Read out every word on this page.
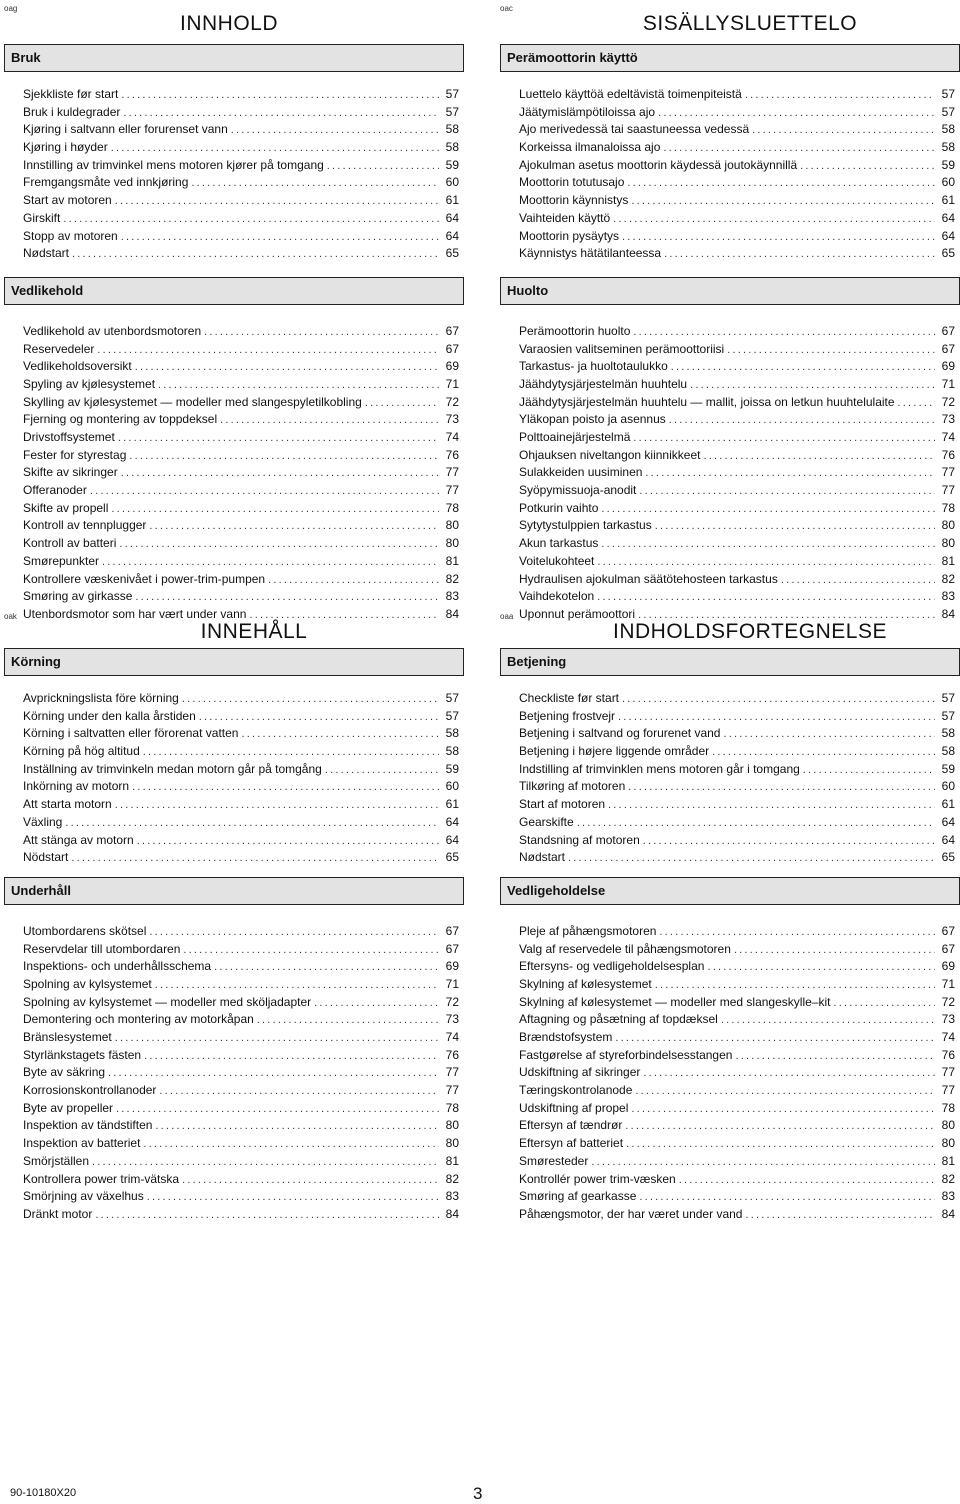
oag
INNHOLD
Bruk
Sjekkliste før start .....	57
Bruk i kuldegrader .....	57
Kjøring i saltvann eller forurenset vann .....	58
Kjøring i høyder .....	58
Innstilling av trimvinkel mens motoren kjører på tomgang .....	59
Fremgangsmåte ved innkjøring .....	60
Start av motoren .....	61
Girskift .....	64
Stopp av motoren .....	64
Nødstart .....	65
Vedlikehold
Vedlikehold av utenbordsmotoren .....	67
Reservedeler .....	67
Vedlikeholdsoversikt .....	69
Spyling av kjølesystemet .....	71
Skylling av kjølesystemet — modeller med slangespyletilkobling .....	72
Fjerning og montering av toppdeksel .....	73
Drivstoffsystemet .....	74
Fester for styrestag .....	76
Skifte av sikringer .....	77
Offeranoder .....	77
Skifte av propell .....	78
Kontroll av tennplugger .....	80
Kontroll av batteri .....	80
Smørepunkter .....	81
Kontrollere væskenivået i power-trim-pumpen .....	82
Smøring av girkasse .....	83
Utenbordsmotor som har vært under vann .....	84
oac
SISÄLLYSLUETTELO
Perämoottorin käyttö
Luettelo käyttöä edeltävistä toimenpiteistä .....	57
Jäätymislämpötiloissa ajo .....	57
Ajo merivedessä tai saastuneessa vedessä .....	58
Korkeissa ilmanaloissa ajo .....	58
Ajokulman asetus moottorin käydessä joutokäynnillä .....	59
Moottorin totutusajo .....	60
Moottorin käynnistys .....	61
Vaihteiden käyttö .....	64
Moottorin pysäytys .....	64
Käynnistys hätätilanteessa .....	65
Huolto
Perämoottorin huolto .....	67
Varaosien valitseminen perämoottoriisi .....	67
Tarkastus- ja huoltotaulukko .....	69
Jäähdytysjärjestelmän huuhtelu .....	71
Jäähdytysjärjestelmän huuhtelu — mallit, joissa on letkun huuhtelulaite .....	72
Yläkopan poisto ja asennus .....	73
Polttoainejärjestelmä .....	74
Ohjauksen niveltangon kiinnikkeet .....	76
Sulakkeiden uusiminen .....	77
Syöpymissuoja-anodit .....	77
Potkurin vaihto .....	78
Sytytystulppien tarkastus .....	80
Akun tarkastus .....	80
Voitelukohteet .....	81
Hydraulisen ajokulman säätötehosteen tarkastus .....	82
Vaihdekotelon .....	83
Uponnut perämoottori .....	84
oak
INNEHÅLL
Körning
Avprickningslista före körning .....	57
Körning under den kalla årstiden .....	57
Körning i saltvatten eller förorenat vatten .....	58
Körning på hög altitud .....	58
Inställning av trimvinkeln medan motorn går på tomgång .....	59
Inkörning av motorn .....	60
Att starta motorn .....	61
Växling .....	64
Att stänga av motorn .....	64
Nödstart .....	65
Underhåll
Utombordarens skötsel .....	67
Reservdelar till utombordaren .....	67
Inspektions- och underhållsschema .....	69
Spolning av kylsystemet .....	71
Spolning av kylsystemet — modeller med sköljadapter .....	72
Demontering och montering av motorkåpan .....	73
Bränslesystemet .....	74
Styrlänkstagets fästen .....	76
Byte av säkring .....	77
Korrosionskontrollanoder .....	77
Byte av propeller .....	78
Inspektion av tändstiften .....	80
Inspektion av batteriet .....	80
Smörjställen .....	81
Kontrollera power trim-vätska .....	82
Smörjning av växelhus .....	83
Dränkt motor .....	84
oaa
INDHOLDSFORTEGNELSE
Betjening
Checkliste før start .....	57
Betjening frostvejr .....	57
Betjening i saltvand og forurenet vand .....	58
Betjening i højere liggende områder .....	58
Indstilling af trimvinklen mens motoren går i tomgang .....	59
Tilkøring af motoren .....	60
Start af motoren .....	61
Gearskifte .....	64
Standsning af motoren .....	64
Nødstart .....	65
Vedligeholdelse
Pleje af påhængsmotoren .....	67
Valg af reservedele til påhængsmotoren .....	67
Eftersyns- og vedligeholdelsesplan .....	69
Skylning af kølesystemet .....	71
Skylning af kølesystemet — modeller med slangeskylle–kit .....	72
Aftagning og påsætning af topdæksel .....	73
Brændstofsystem .....	74
Fastgørelse af styreforbindelsesstangen .....	76
Udskiftning af sikringer .....	77
Tæringskontrolanode .....	77
Udskiftning af propel .....	78
Eftersyn af tændrør .....	80
Eftersyn af batteriet .....	80
Smøresteder .....	81
Kontrollér power trim-væsken .....	82
Smøring af gearkasse .....	83
Påhængsmotor, der har været under vand .....	84
90-10180X20	3
